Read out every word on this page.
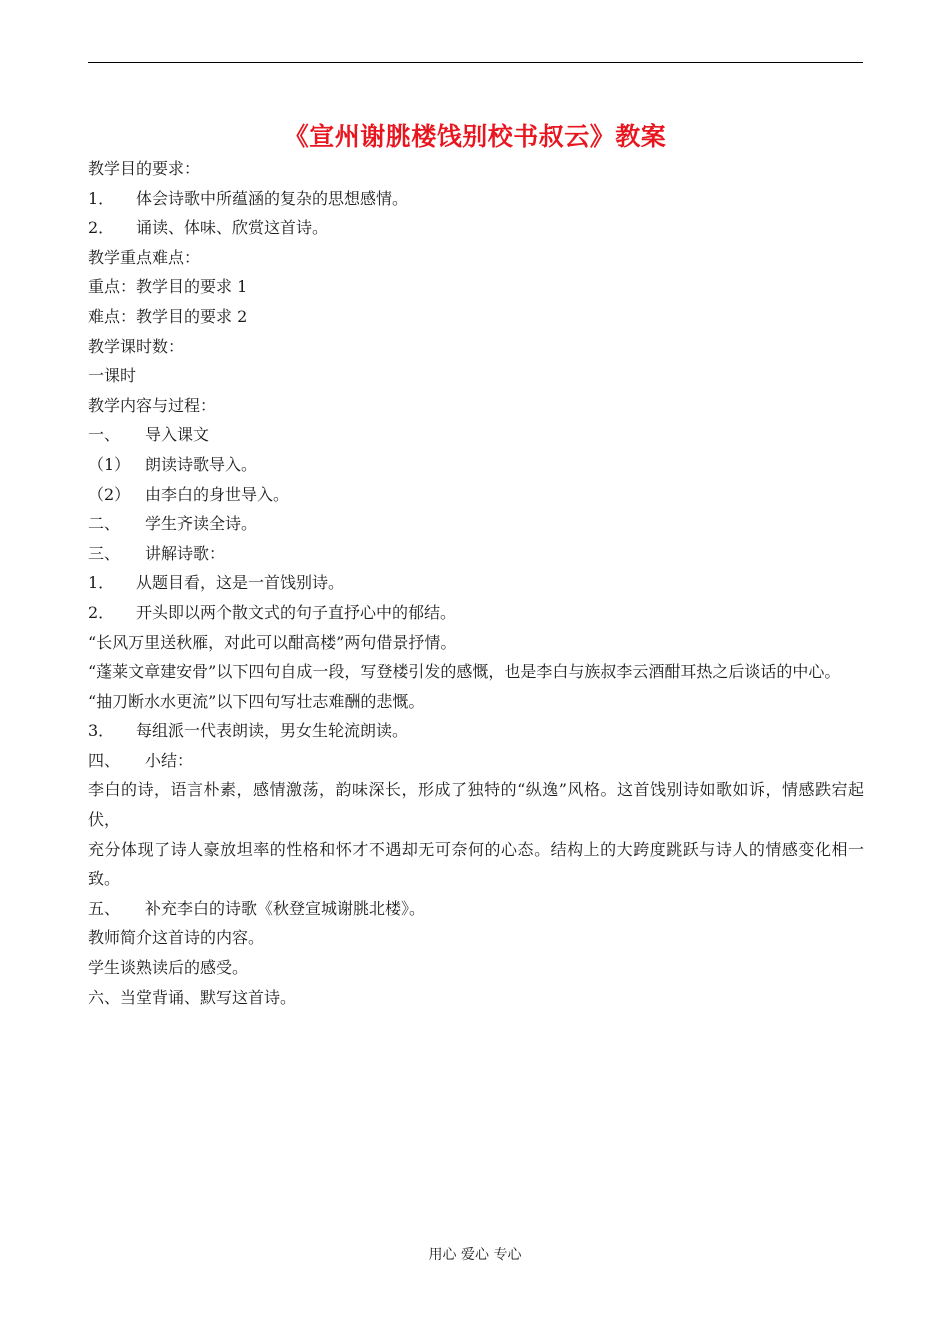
《宣州谢朓楼饯别校书叔云》教案
教学目的要求：
1． 体会诗歌中所蕴涵的复杂的思想感情。
2． 诵读、体味、欣赏这首诗。
教学重点难点：
重点：教学目的要求 1
难点：教学目的要求 2
教学课时数：
一课时
教学内容与过程：
一、 导入课文
（1） 朗读诗歌导入。
（2） 由李白的身世导入。
二、 学生齐读全诗。
三、 讲解诗歌：
1． 从题目看，这是一首饯别诗。
2． 开头即以两个散文式的句子直抒心中的郁结。
“长风万里送秋雁，对此可以酣高楼”两句借景抒情。
“蓬莱文章建安骨”以下四句自成一段，写登楼引发的感慨，也是李白与族叔李云酒酣耳热之后谈话的中心。
“抽刀断水水更流”以下四句写壮志难酬的悲慨。
3． 每组派一代表朗读，男女生轮流朗读。
四、 小结：
李白的诗，语言朴素，感情激荡，韵味深长，形成了独特的“纵逸”风格。这首饯别诗如歌如诉，情感跌宕起伏，
充分体现了诗人豪放坦率的性格和怀才不遇却无可奈何的心态。结构上的大跨度跳跃与诗人的情感变化相一致。
五、 补充李白的诗歌《秋登宣城谢朓北楼》。
教师简介这首诗的内容。
学生谈熟读后的感受。
六、当堂背诵、默写这首诗。
用心 爱心 专心
